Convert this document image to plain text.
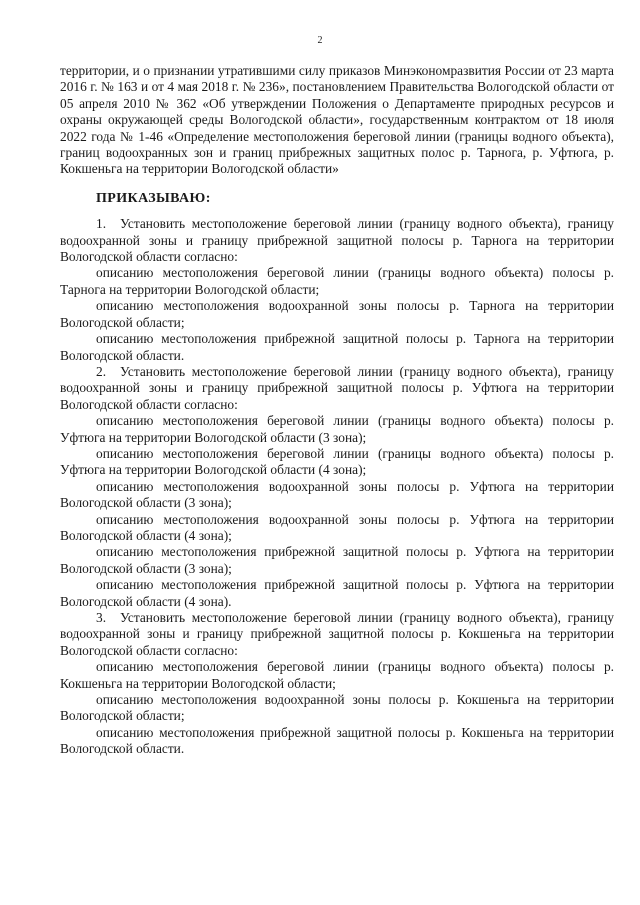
2

территории, и о признании утратившими силу приказов Минэкономразвития России от 23 марта 2016 г. № 163 и от 4 мая 2018 г. № 236», постановлением Правительства Вологодской области от 05 апреля 2010 № 362 «Об утверждении Положения о Департаменте природных ресурсов и охраны окружающей среды Вологодской области», государственным контрактом от 18 июля 2022 года № 1-46 «Определение местоположения береговой линии (границы водного объекта), границ водоохранных зон и границ прибрежных защитных полос р. Тарнога, р. Уфтюга, р. Кокшеньга на территории Вологодской области»

ПРИКАЗЫВАЮ:

1. Установить местоположение береговой линии (границу водного объекта), границу водоохранной зоны и границу прибрежной защитной полосы р. Тарнога на территории Вологодской области согласно:

описанию местоположения береговой линии (границы водного объекта) полосы р. Тарнога на территории Вологодской области;

описанию местоположения водоохранной зоны полосы р. Тарнога на территории Вологодской области;

описанию местоположения прибрежной защитной полосы р. Тарнога на территории Вологодской области.

2. Установить местоположение береговой линии (границу водного объекта), границу водоохранной зоны и границу прибрежной защитной полосы р. Уфтюга на территории Вологодской области согласно:

описанию местоположения береговой линии (границы водного объекта) полосы р. Уфтюга на территории Вологодской области (3 зона);

описанию местоположения береговой линии (границы водного объекта) полосы р. Уфтюга на территории Вологодской области (4 зона);

описанию местоположения водоохранной зоны полосы р. Уфтюга на территории Вологодской области (3 зона);

описанию местоположения водоохранной зоны полосы р. Уфтюга на территории Вологодской области (4 зона);

описанию местоположения прибрежной защитной полосы р. Уфтюга на территории Вологодской области (3 зона);

описанию местоположения прибрежной защитной полосы р. Уфтюга на территории Вологодской области (4 зона).

3. Установить местоположение береговой линии (границу водного объекта), границу водоохранной зоны и границу прибрежной защитной полосы р. Кокшеньга на территории Вологодской области согласно:

описанию местоположения береговой линии (границы водного объекта) полосы р. Кокшеньга на территории Вологодской области;

описанию местоположения водоохранной зоны полосы р. Кокшеньга на территории Вологодской области;

описанию местоположения прибрежной защитной полосы р. Кокшеньга на территории Вологодской области.
